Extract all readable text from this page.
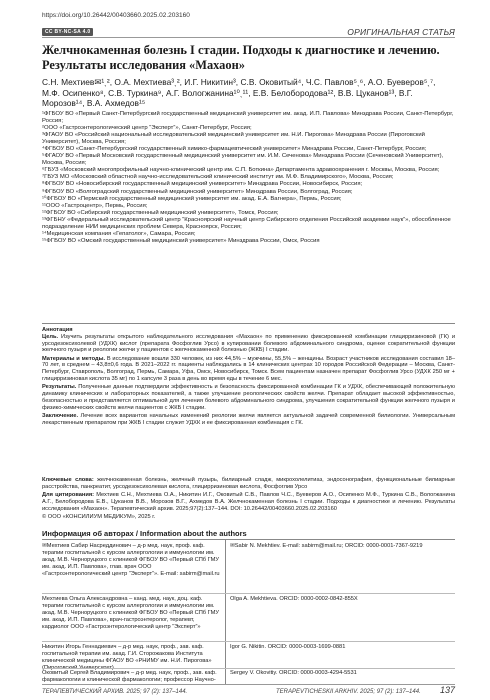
https://doi.org/10.26442/00403660.2025.02.203160
CC BY-NC-SA 4.0	ОРИГИНАЛЬНАЯ СТАТЬЯ
Желчнокаменная болезнь I стадии. Подходы к диагностике и лечению. Результаты исследования «Махаон»
С.Н. Мехтиев✉¹ˎ², О.А. Мехтиева³ˎ², И.Г. Никитин³, С.В. Оковитый⁴, Ч.С. Павлов⁵ˎ⁶, А.О. Буеверов⁵ˎ⁷, М.Ф. Осипенко⁸, С.В. Туркина⁹, А.Г. Вологжанина¹⁰ˎ¹¹, Е.В. Белобородова¹², В.В. Цуканов¹³, В.Г. Морозов¹⁴, В.А. Ахмедов¹⁵
¹ФГБОУ ВО «Первый Санкт-Петербургский государственный медицинский университет им. акад. И.П. Павлова» Минздрава России, Санкт-Петербург, Россия;
²ООО «Гастроэнтерологический центр “Эксперт”», Санкт-Петербург, Россия;
³ФГАОУ ВО «Российский национальный исследовательский медицинский университет им. Н.И. Пирогова» Минздрава России (Пироговский Университет), Москва, Россия;
⁴ФГБОУ ВО «Санкт-Петербургский государственный химико-фармацевтический университет» Минздрава России, Санкт-Петербург, Россия;
⁵ФГАОУ ВО «Первый Московский государственный медицинский университет им. И.М. Сеченова» Минздрава России (Сеченовский Университет), Москва, Россия;
⁶ГБУЗ «Московский многопрофильный научно-клинический центр им. С.П. Боткина» Департамента здравоохранения г. Москвы, Москва, Россия;
⁷ГБУЗ МО «Московский областной научно-исследовательский клинический институт им. М.Ф. Владимирского», Москва, Россия;
⁸ФГБОУ ВО «Новосибирский государственный медицинский университет» Минздрава России, Новосибирск, Россия;
⁹ФГБОУ ВО «Волгоградский государственный медицинский университет» Минздрава России, Волгоград, Россия;
¹⁰ФГБОУ ВО «Пермский государственный медицинский университет им. акад. Е.А. Вагнера», Пермь, Россия;
¹¹ООО «Гастроцентр», Пермь, Россия;
¹²ФГБОУ ВО «Сибирский государственный медицинский университет», Томск, Россия;
¹³ФГБНУ «Федеральный исследовательский центр “Красноярский научный центр Сибирского отделения Российской академии наук”», обособленное подразделение НИИ медицинских проблем Севера, Красноярск, Россия;
¹⁴Медицинская компания «Гепатолог», Самара, Россия;
¹⁵ФГБОУ ВО «Омский государственный медицинский университет» Минздрава России, Омск, Россия
Аннотация

Цель. Изучить результаты открытого наблюдательного исследования «Махаон» по применению фиксированной комбинации глицирризиновой (ГК) и урсодезоксихолевой (УДХК) кислот (препарата Фосфоглив Урсо) в купировании болевого абдоминального синдрома, оценке сократительной функции желчного пузыря и реологии желчи у пациентов с желчнокаменной болезнью (ЖКБ) I стадии.

Материалы и методы. В исследование вошли 330 человек, из них 44,5% – мужчины, 55,5% – женщины. Возраст участников исследования составил 18–70 лет, в среднем – 43,8±0,6 года. В 2021–2022 гг. пациенты наблюдались в 14 клинических центрах 10 городов Российской Федерации – Москва, Санкт-Петербург, Ставрополь, Волгоград, Пермь, Самара, Уфа, Омск, Новосибирск, Томск. Всем пациентам назначен препарат Фосфоглив Урсо (УДХК 250 мг + глицирризиновая кислота 35 мг) по 1 капсуле 3 раза в день во время еды в течение 6 мес.

Результаты. Полученные данные подтвердили эффективность и безопасность фиксированной комбинации ГК и УДХК, обеспечивающей положительную динамику клинических и лабораторных показателей, а также улучшение реологических свойств желчи. Препарат обладает высокой эффективностью, безопасностью и представляется оптимальной для лечения болевого абдоминального синдрома, улучшения сократительной функции желчного пузыря и физико-химических свойств желчи пациентов с ЖКБ I стадии.

Заключение. Лечение всех вариантов начальных изменений реологии желчи является актуальной задачей современной билиологии. Универсальным лекарственным препаратом при ЖКБ I стадии служит УДХК и ее фиксированная комбинация с ГК.

Ключевые слова: желчнокаменная болезнь, желчный пузырь, билиарный сладж, микрохолелитиаз, эндосонография, функциональные билиарные расстройства, панкреатит, урсодезоксихолевая кислота, глицирризиновая кислота, Фосфоглив Урсо

Для цитирования: Мехтиев С.Н., Мехтиева О.А., Никитин И.Г., Оковитый С.В., Павлов Ч.С., Буеверов А.О., Осипенко М.Ф., Туркина С.В., Вологжанина А.Г., Белобородова Е.В., Цуканов В.В., Морозов В.Г., Ахмедов В.А. Желчнокаменная болезнь I стадии. Подходы к диагностике и лечению. Результаты исследования «Махаон». Терапевтический архив. 2025;97(2):137–144. DOI: 10.26442/00403660.2025.02.203160

© ООО «КОНСИЛИУМ МЕДИКУМ», 2025 г.

Информация об авторах / Information about the authors
✉Мехтиев Сабир Насреддинович – д-р мед. наук, проф. каф. терапии госпитальной с курсом аллергологии и иммунологии им. акад. М.В. Черноруцкого с клиникой ФГБОУ ВО «Первый СПб ГМУ им. акад. И.П. Павлова», глав. врач ООО «Гастроэнтерологический центр “Эксперт”». E-mail: sabirm@mail.ru
✉Sabir N. Mekhtiev. E-mail: sabirm@mail.ru; ORCID: 0000-0001-7367-9219
Мехтиева Ольга Александровна – канд. мед. наук, доц. каф. терапии госпитальной с курсом аллергологии и иммунологии им. акад. М.В. Черноруцкого с клиникой ФГБОУ ВО «Первый СПб ГМУ им. акад. И.П. Павлова», врач-гастроэнтеролог, терапевт, кардиолог ООО «Гастроэнтерологический центр “Эксперт”»
Olga A. Mekhtieva. ORCID: 0000-0002-0842-855X
Никитин Игорь Геннадиевич – д-р мед. наук, проф., зав. каф. госпитальной терапии им. акад. Г.И. Сторожакова Института клинической медицины ФГАОУ ВО «РНИМУ им. Н.И. Пирогова»
Igor G. Nikitin. ORCID: 0000-0003-1699-0881
Оковитый Сергей Владимирович – д-р мед. наук, проф., зав. каф. фармакологии и клинической фармакологии; профессор Научно-
Sergey V. Okovitiy. ORCID: 0000-0003-4294-5531
ТЕРАПЕВТИЧЕСКИЙ АРХИВ. 2025; 97 (2): 137–144.	TERAPEVTICHESKII ARKHIV. 2025; 97 (2): 137–144. 137
